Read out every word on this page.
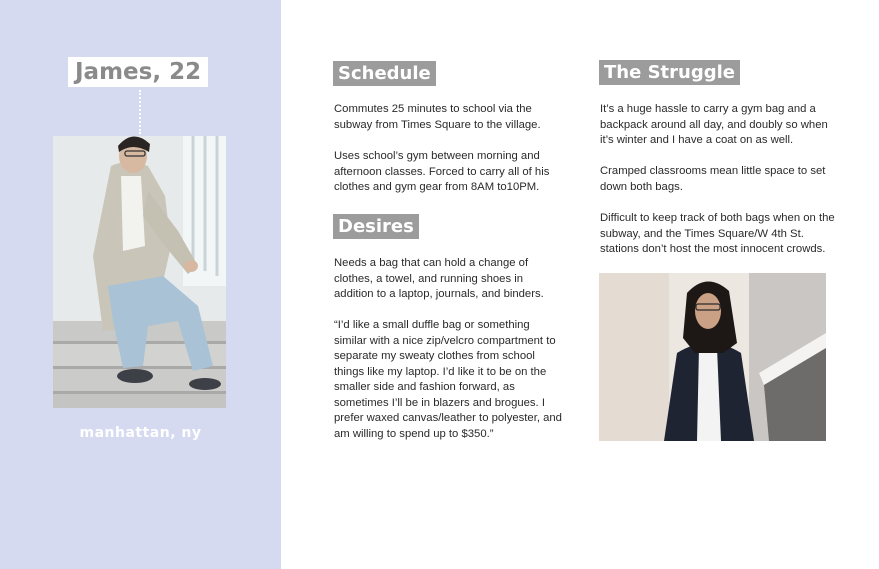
James, 22
manhattan, ny
Schedule

Commutes 25 minutes to school via the subway from Times Square to the village.

Uses school’s gym between morning and afternoon classes. Forced to carry all of his clothes and gym gear from 8AM to10PM.

Desires

Needs a bag that can hold a change of clothes, a towel, and running shoes in addition to a laptop, journals, and binders.

“I’d like a small duffle bag or something similar with a nice zip/velcro compartment to separate my sweaty clothes from school things like my laptop. I’d like it to be on the smaller side and fashion forward, as sometimes I’ll be in blazers and brogues. I prefer waxed canvas/leather to polyester, and am willing to spend up to $350.”

The Struggle

It’s a huge hassle to carry a gym bag and a backpack around all day, and doubly so when it’s winter and I have a coat on as well.

Cramped classrooms mean little space to set down both bags.

Difficult to keep track of both bags when on the subway, and the Times Square/W 4th St. stations don’t host the most innocent crowds.
